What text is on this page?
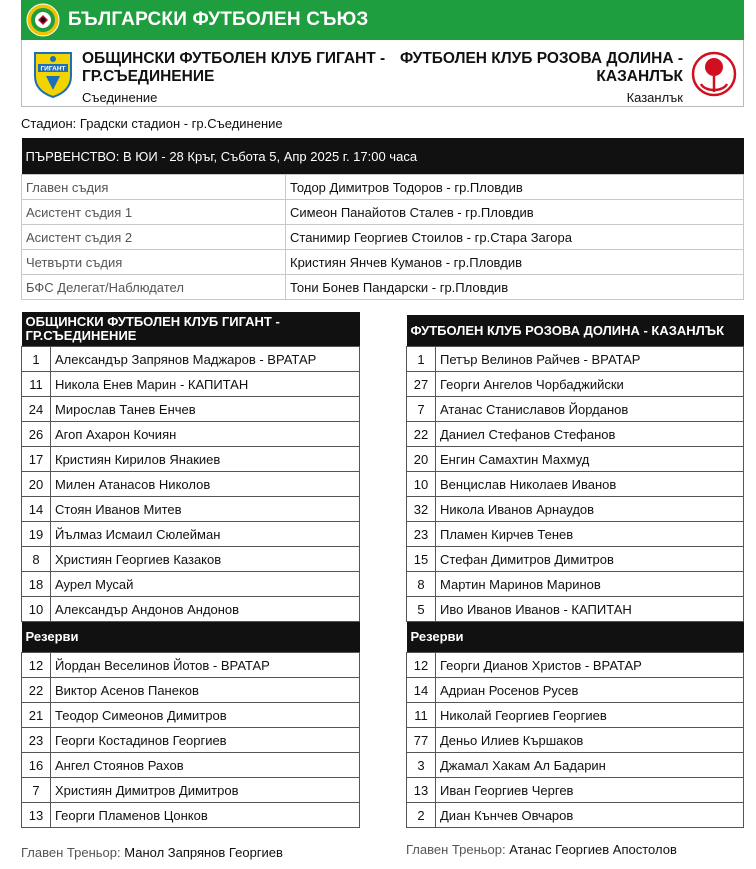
БЪЛГАРСКИ ФУТБОЛЕН СЪЮЗ
ГИГАНТ
ОБЩИНСКИ ФУТБОЛЕН КЛУБ ГИГАНТ - ГР.СЪЕДИНЕНИЕ
Съединение
ФУТБОЛЕН КЛУБ РОЗОВА ДОЛИНА - КАЗАНЛЪК
Казанлък
Стадион: Градски стадион - гр.Съединение
ПЪРВЕНСТВО: В ЮИ - 28 Кръг, Събота 5, Апр 2025 г. 17:00 часа	
Главен съдия	Тодор Димитров Тодоров - гр.Пловдив
Асистент съдия 1	Симеон Панайотов Сталев - гр.Пловдив
Асистент съдия 2	Станимир Георгиев Стоилов - гр.Стара Загора
Четвърти съдия	Кристиян Янчев Куманов - гр.Пловдив
БФС Делегат/Наблюдател	Тони Бонев Пандарски - гр.Пловдив
ОБЩИНСКИ ФУТБОЛЕН КЛУБ ГИГАНТ - ГР.СЪЕДИНЕНИЕ	
1	Александър Запрянов Маджаров - ВРАТАР
11	Никола Енев Марин - КАПИТАН
24	Мирослав Танев Енчев
26	Агоп Ахарон Кочиян
17	Кристиян Кирилов Янакиев
20	Милен Атанасов Николов
14	Стоян Иванов Митев
19	Йълмаз Исмаил Сюлейман
8	Християн Георгиев Казаков
18	Аурел Мусай
10	Александър Андонов Андонов
Резерви	
12	Йордан Веселинов Йотов - ВРАТАР
22	Виктор Асенов Панеков
21	Теодор Симеонов Димитров
23	Георги Костадинов Георгиев
16	Ангел Стоянов Рахов
7	Християн Димитров Димитров
13	Георги Пламенов Цонков
ФУТБОЛЕН КЛУБ РОЗОВА ДОЛИНА - КАЗАНЛЪК	
1	Петър Велинов Райчев - ВРАТАР
27	Георги Ангелов Чорбаджийски
7	Атанас Станиславов Йорданов
22	Даниел Стефанов Стефанов
20	Енгин Самахтин Махмуд
10	Венцислав Николаев Иванов
32	Никола Иванов Арнаудов
23	Пламен Кирчев Тенев
15	Стефан Димитров Димитров
8	Мартин Маринов Маринов
5	Иво Иванов Иванов - КАПИТАН
Резерви	
12	Георги Дианов Христов - ВРАТАР
14	Адриан Росенов Русев
11	Николай Георгиев Георгиев
77	Деньо Илиев Кършаков
3	Джамал Хакам Ал Бадарин
13	Иван Георгиев Чергев
2	Диан Кънчев Овчаров
Главен Треньор: Манол Запрянов Георгиев	Главен Треньор: Атанас Георгиев Апостолов
